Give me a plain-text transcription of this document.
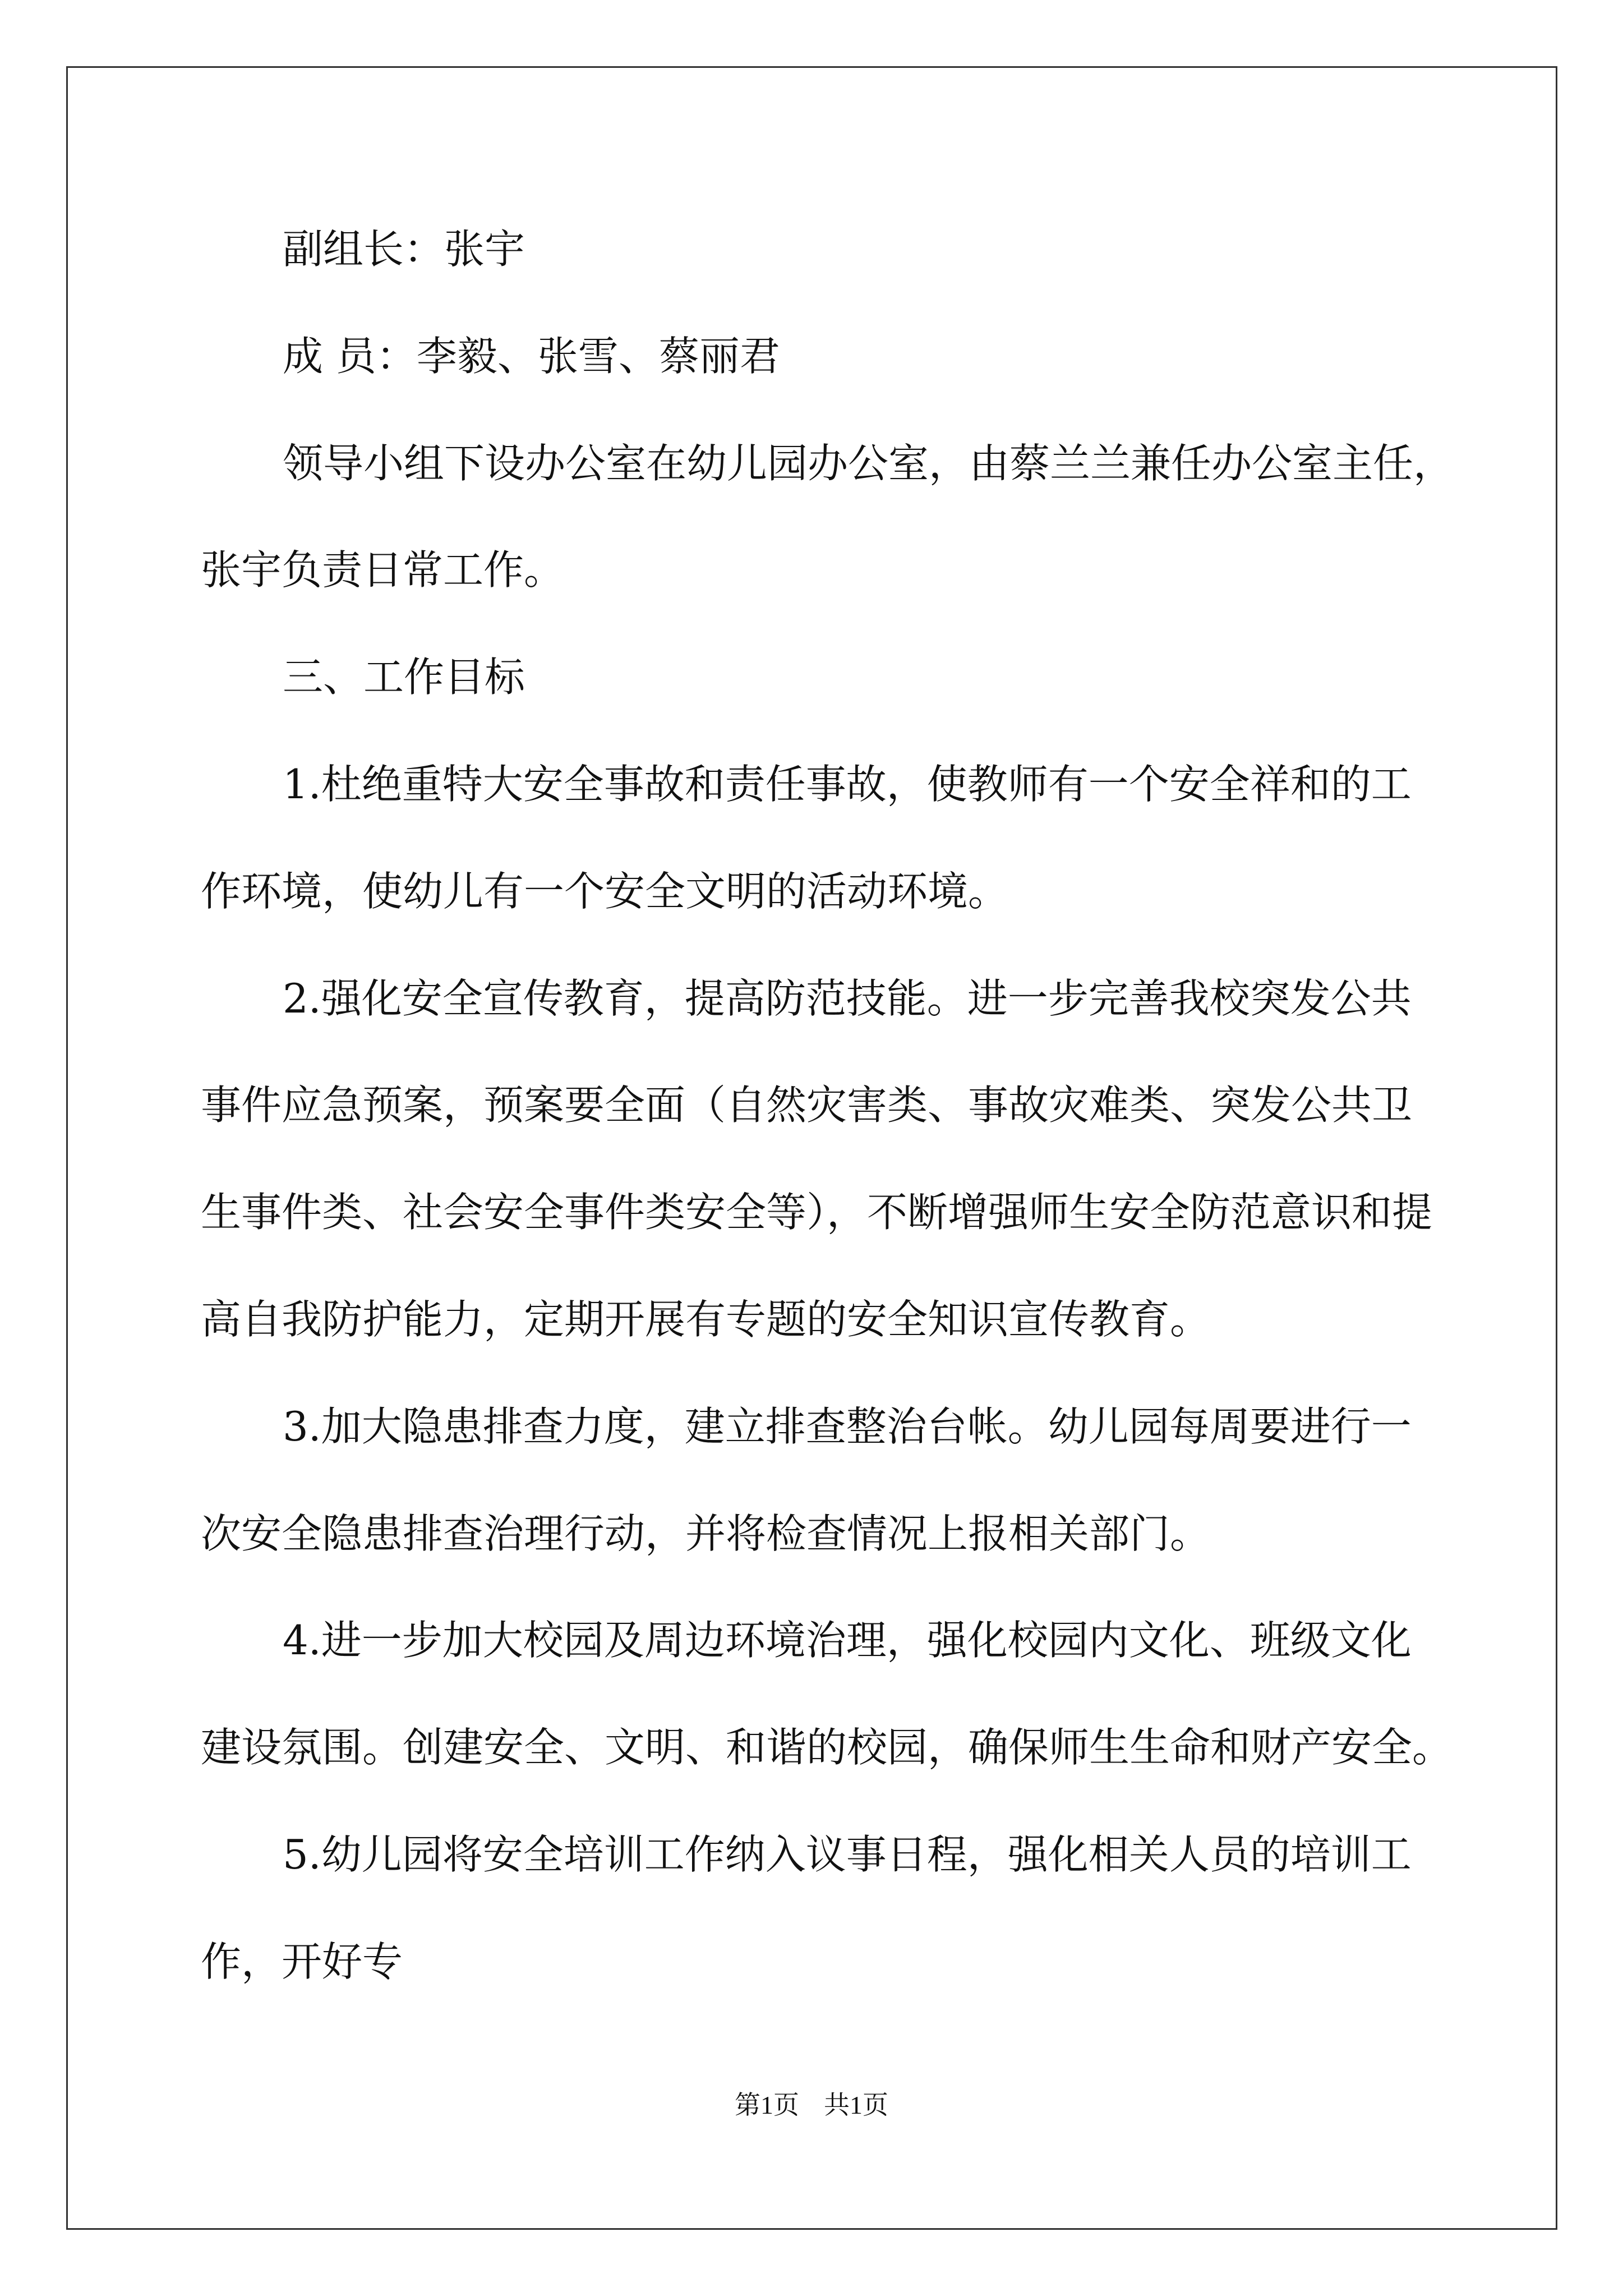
副组长：张宇
成 员：李毅、张雪、蔡丽君
领导小组下设办公室在幼儿园办公室，由蔡兰兰兼任办公室主任，
张宇负责日常工作。
三、工作目标
1.杜绝重特大安全事故和责任事故，使教师有一个安全祥和的工
作环境，使幼儿有一个安全文明的活动环境。
2.强化安全宣传教育，提高防范技能。进一步完善我校突发公共
事件应急预案，预案要全面（自然灾害类、事故灾难类、突发公共卫
生事件类、社会安全事件类安全等），不断增强师生安全防范意识和提
高自我防护能力，定期开展有专题的安全知识宣传教育。
3.加大隐患排查力度，建立排查整治台帐。幼儿园每周要进行一
次安全隐患排查治理行动，并将检查情况上报相关部门。
4.进一步加大校园及周边环境治理，强化校园内文化、班级文化
建设氛围。创建安全、文明、和谐的校园，确保师生生命和财产安全。
5.幼儿园将安全培训工作纳入议事日程，强化相关人员的培训工
作，开好专
第1页 共1页
